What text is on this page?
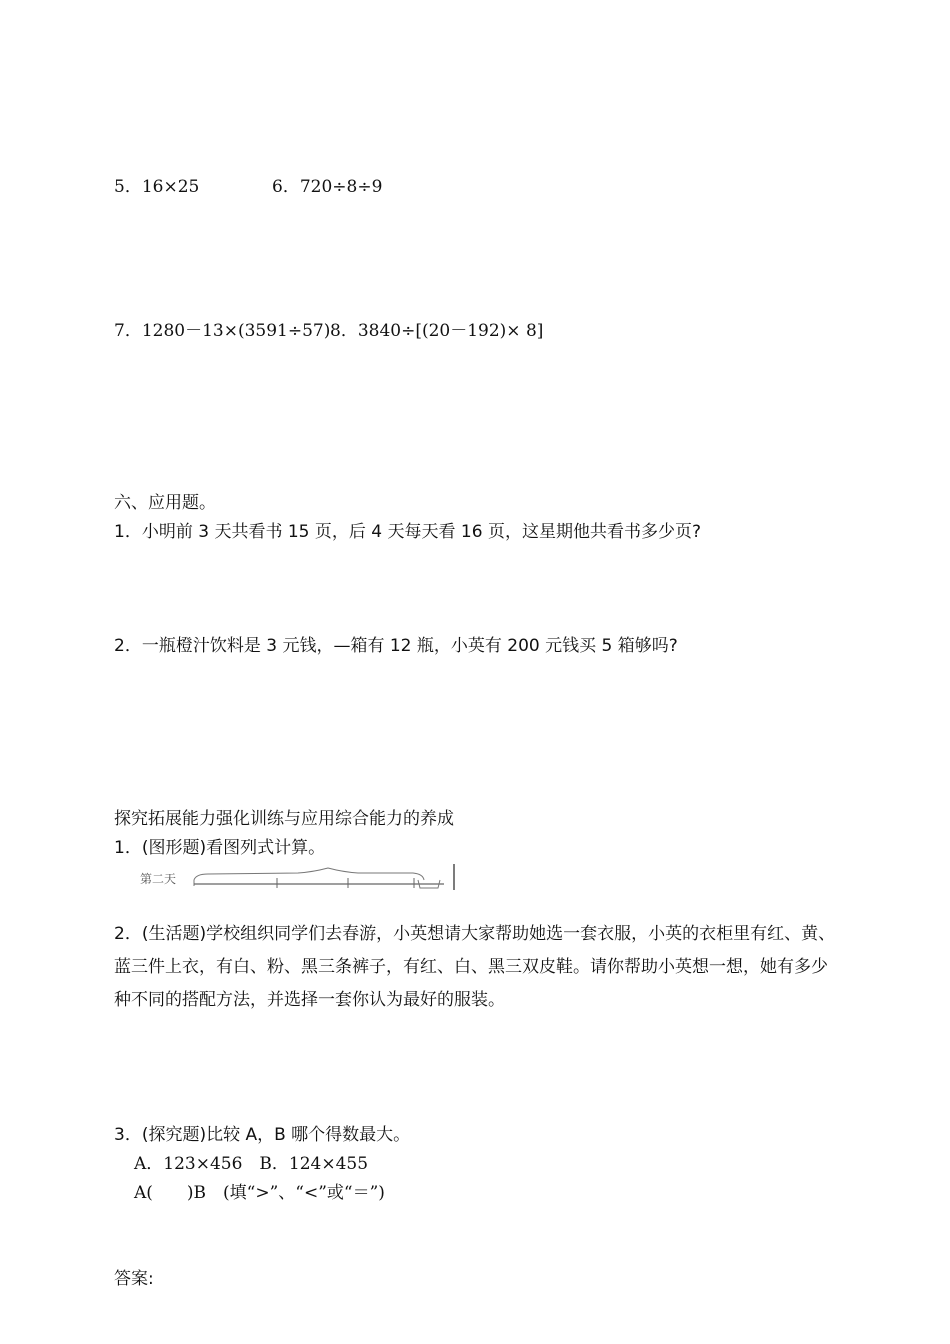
5．16×25	6．720÷8÷9
7．1280－13×(3591÷57) 8．3840÷[(20－192)× 8]
六、应用题。
1．小明前 3 天共看书 15 页，后 4 天每天看 16 页，这星期他共看书多少页?
2．一瓶橙汁饮料是 3 元钱，—箱有 12 瓶，小英有 200 元钱买 5 箱够吗?
探究拓展能力强化训练与应用综合能力的养成
1．(图形题)看图列式计算。
第二天
2．(生活题)学校组织同学们去春游，小英想请大家帮助她选一套衣服，小英的衣柜里有红、黄、蓝三件上衣，有白、粉、黑三条裤子，有红、白、黑三双皮鞋。请你帮助小英想一想，她有多少种不同的搭配方法，并选择一套你认为最好的服装。
3．(探究题)比较 A，B 哪个得数最大。
A．123×456　B．124×455
A(　　)B　(填“>”、“<”或“＝”)
答案:
